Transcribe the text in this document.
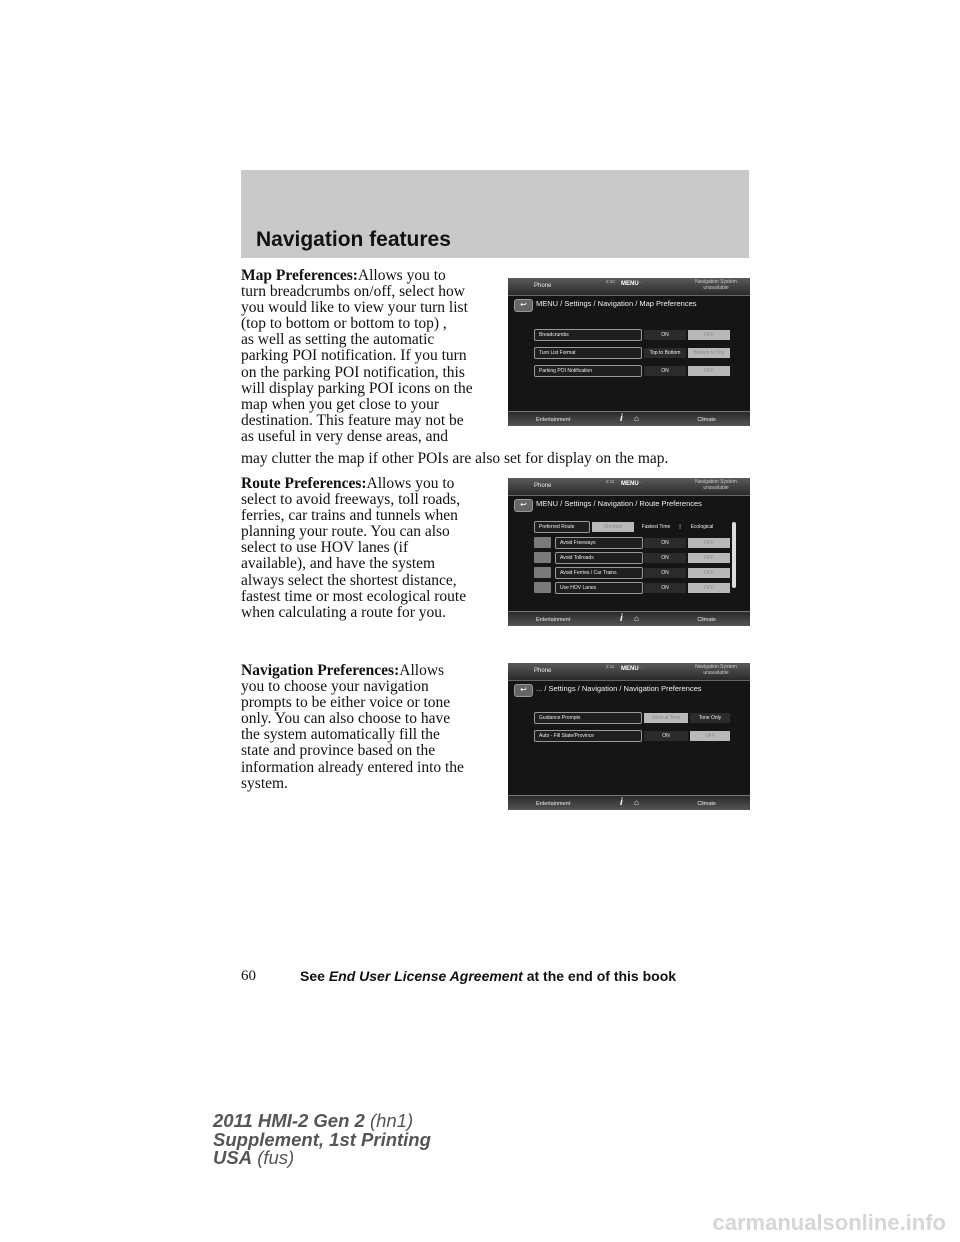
Navigation features
Map Preferences:Allows you to
turn breadcrumbs on/off, select how
you would like to view your turn list
(top to bottom or bottom to top) ,
as well as setting the automatic
parking POI notification. If you turn
on the parking POI notification, this
will display parking POI icons on the
map when you get close to your
destination. This feature may not be
as useful in very dense areas, and
may clutter the map if other POIs are also set for display on the map.
Phone
2:10 MENU ···	Navigation System
unavailable
↩	MENU / Settings / Navigation / Map Preferences
Breadcrumbs	ON	OFF
Turn List Format	Top to Bottom	Bottom to Top
Parking POI Notification	ON	OFF
Entertainment	i ⌂	Climate
Route Preferences:Allows you to
select to avoid freeways, toll roads,
ferries, car trains and tunnels when
planning your route. You can also
select to use HOV lanes (if
available), and have the system
always select the shortest distance,
fastest time or most ecological route
when calculating a route for you.
Phone
2:11 MENU ···	Navigation System
unavailable
↩	MENU / Settings / Navigation / Route Preferences
Preferred Route	Shortest	Fastest Time	|	Ecological
Avoid Freeways	ON	OFF
Avoid Tollroads	ON	OFF
Avoid Ferries / Car Trains	ON	OFF
Use HOV Lanes	ON	OFF
Entertainment	i ⌂	Climate
Navigation Preferences:Allows
you to choose your navigation
prompts to be either voice or tone
only. You can also choose to have
the system automatically fill the
state and province based on the
information already entered into the
system.
Phone
2:11 MENU ···	Navigation System
unavailable
↩	... / Settings / Navigation / Navigation Preferences
Guidance Prompts	Voice & Tone	Tone Only
Auto - Fill State/Province	ON	OFF
Entertainment	i ⌂	Climate
60	See End User License Agreement at the end of this book
2011 HMI-2 Gen 2 (hn1)
Supplement, 1st Printing
USA (fus)
carmanualsonline.info
